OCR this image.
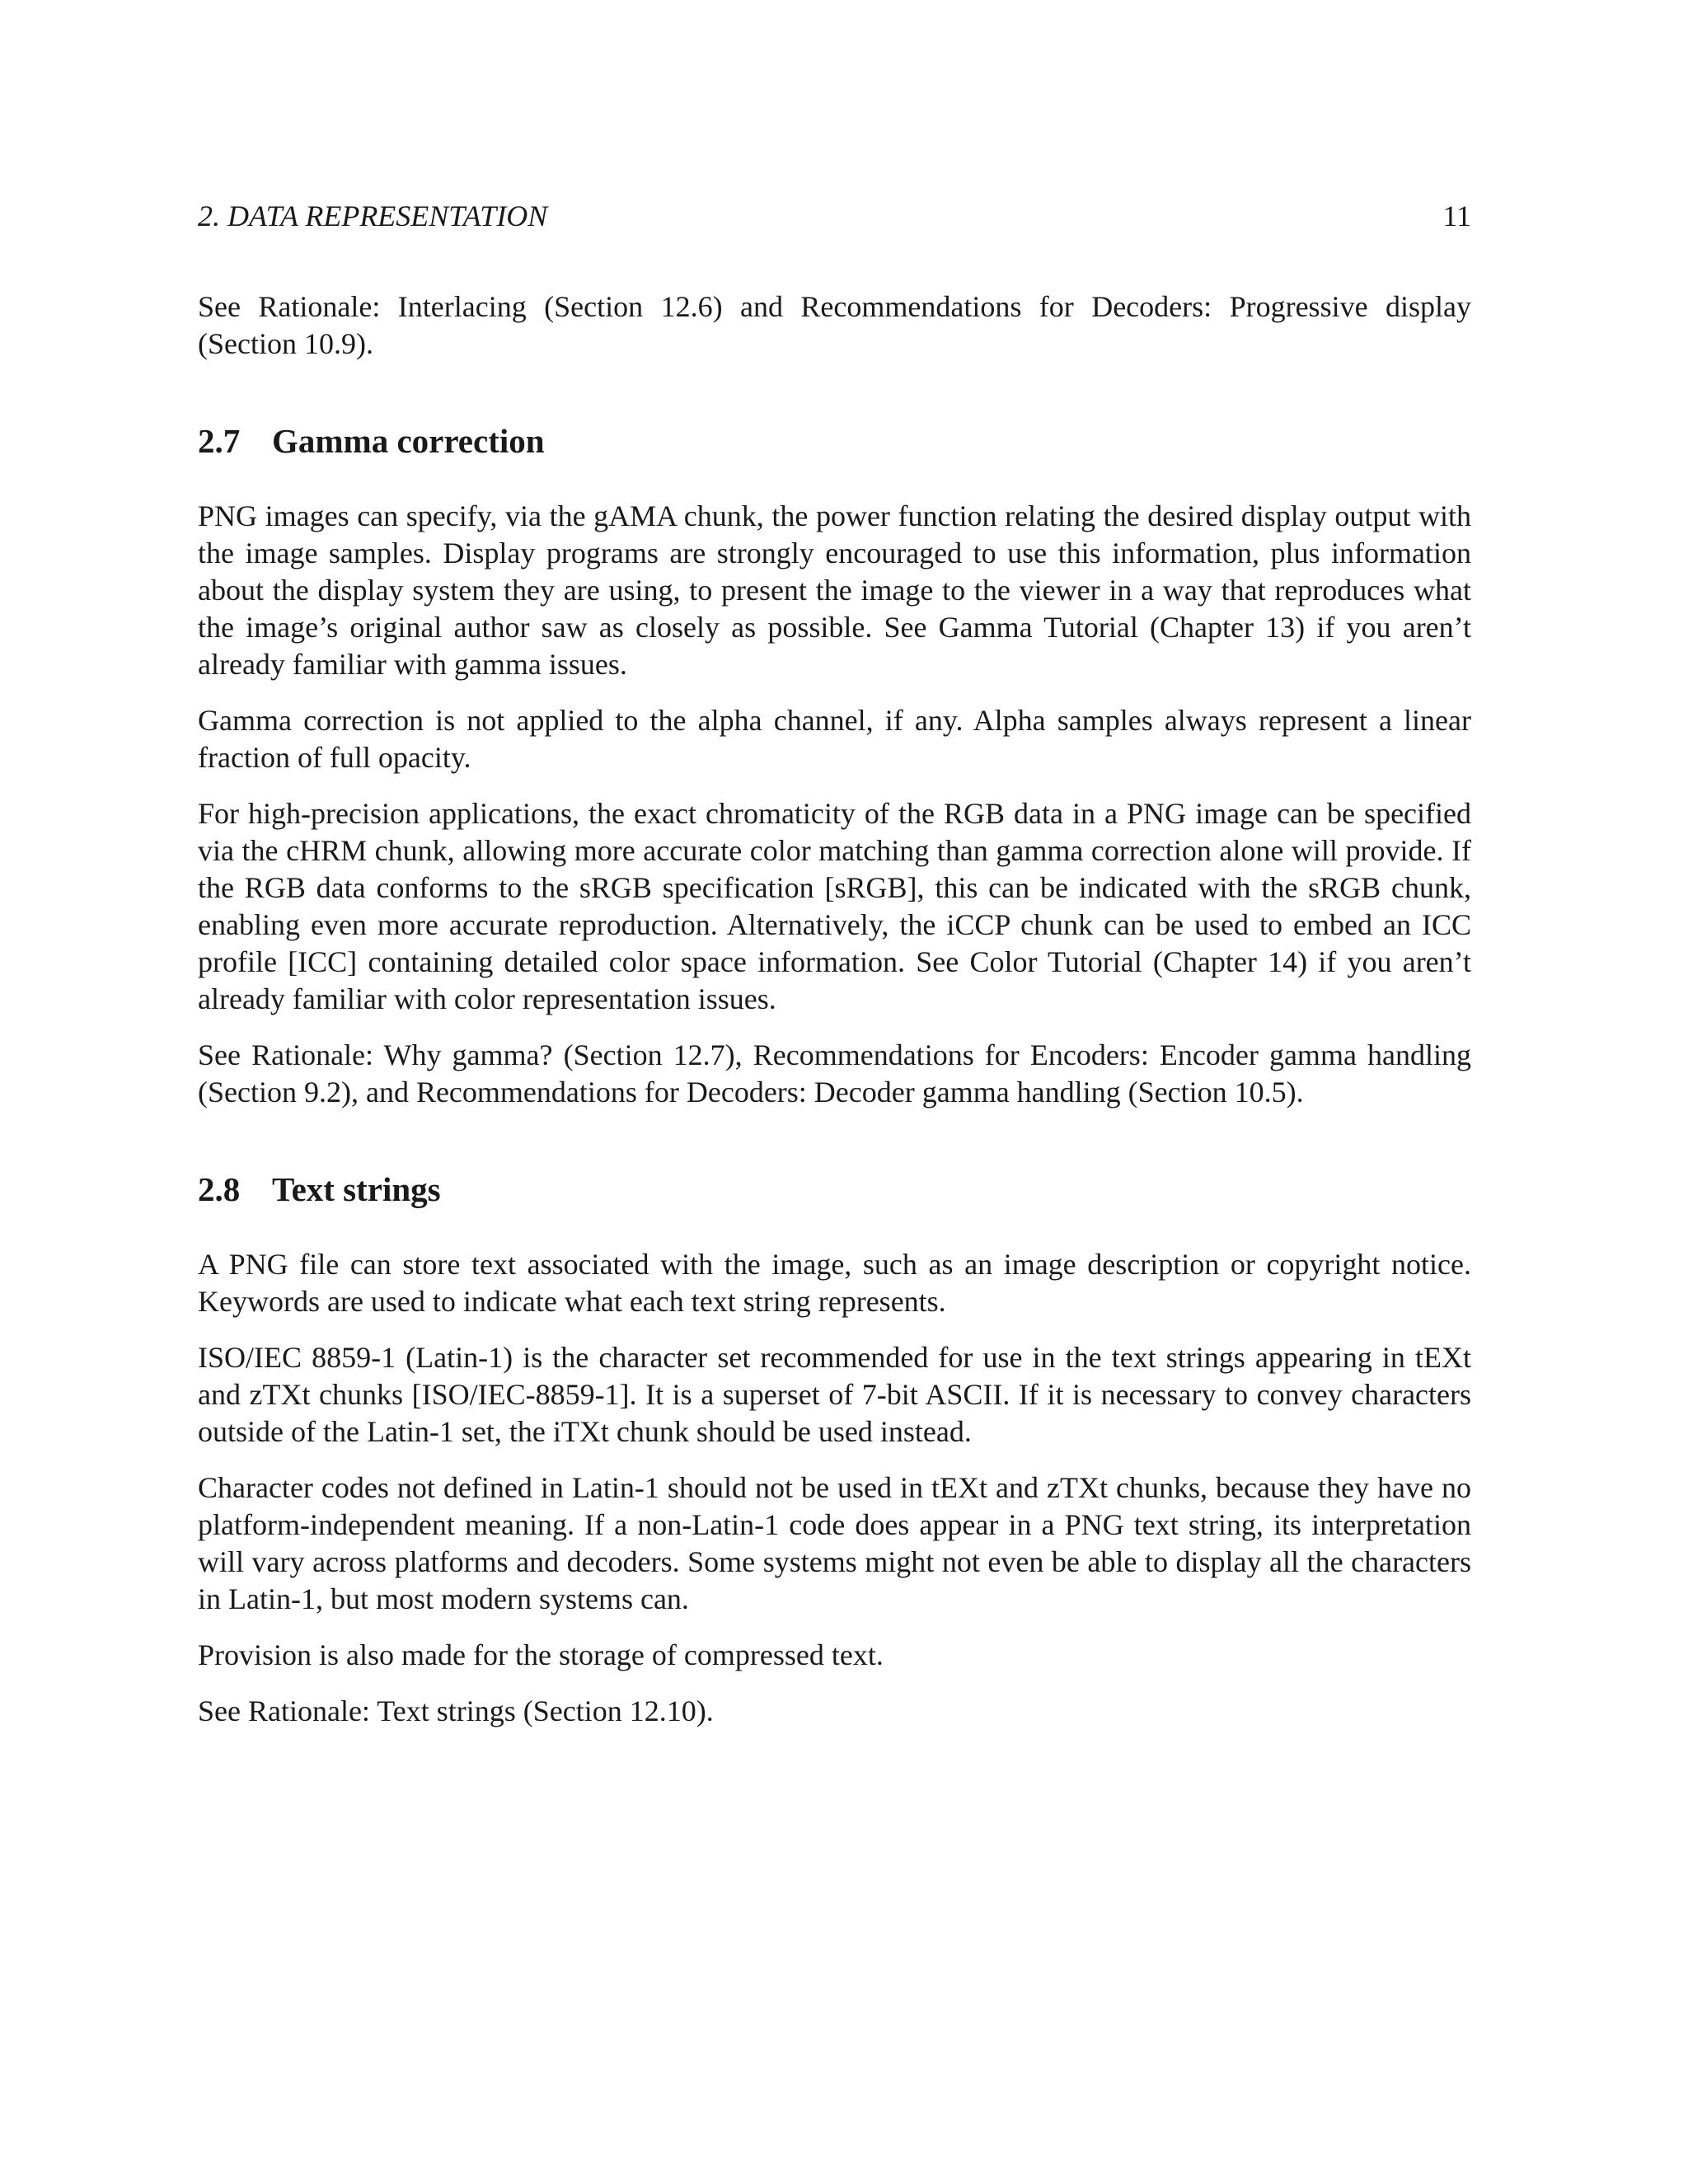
2. DATA REPRESENTATION	11

See Rationale: Interlacing (Section 12.6) and Recommendations for Decoders: Progressive display (Section 10.9).

2.7 Gamma correction

PNG images can specify, via the gAMA chunk, the power function relating the desired display output with the image samples. Display programs are strongly encouraged to use this information, plus information about the display system they are using, to present the image to the viewer in a way that reproduces what the image’s original author saw as closely as possible. See Gamma Tutorial (Chapter 13) if you aren’t already familiar with gamma issues.

Gamma correction is not applied to the alpha channel, if any. Alpha samples always represent a linear fraction of full opacity.

For high-precision applications, the exact chromaticity of the RGB data in a PNG image can be specified via the cHRM chunk, allowing more accurate color matching than gamma correction alone will provide. If the RGB data conforms to the sRGB specification [sRGB], this can be indicated with the sRGB chunk, enabling even more accurate reproduction. Alternatively, the iCCP chunk can be used to embed an ICC profile [ICC] containing detailed color space information. See Color Tutorial (Chapter 14) if you aren’t already familiar with color representation issues.

See Rationale: Why gamma? (Section 12.7), Recommendations for Encoders: Encoder gamma handling (Section 9.2), and Recommendations for Decoders: Decoder gamma handling (Section 10.5).

2.8 Text strings

A PNG file can store text associated with the image, such as an image description or copyright notice. Keywords are used to indicate what each text string represents.

ISO/IEC 8859-1 (Latin-1) is the character set recommended for use in the text strings appearing in tEXt and zTXt chunks [ISO/IEC-8859-1]. It is a superset of 7-bit ASCII. If it is necessary to convey characters outside of the Latin-1 set, the iTXt chunk should be used instead.

Character codes not defined in Latin-1 should not be used in tEXt and zTXt chunks, because they have no platform-independent meaning. If a non-Latin-1 code does appear in a PNG text string, its interpretation will vary across platforms and decoders. Some systems might not even be able to display all the characters in Latin-1, but most modern systems can.

Provision is also made for the storage of compressed text.

See Rationale: Text strings (Section 12.10).
